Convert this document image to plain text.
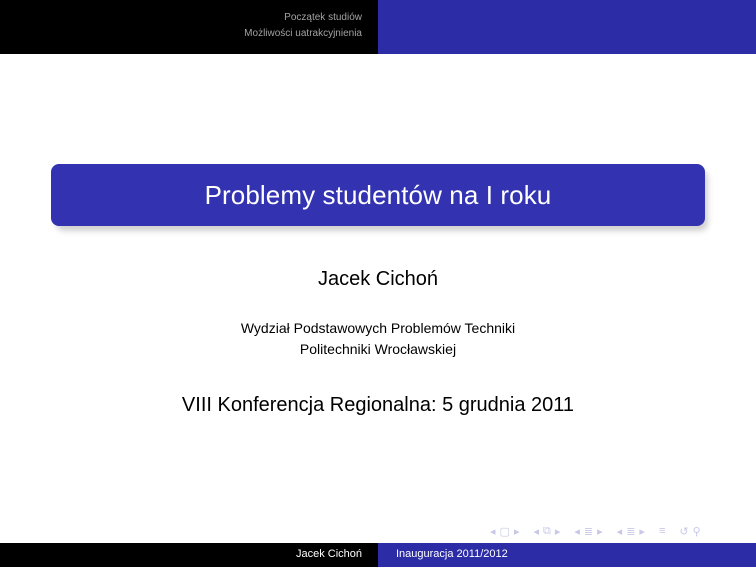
Początek studiów
Możliwości uatrakcyjnienia
Problemy studentów na I roku
Jacek Cichoń
Wydział Podstawowych Problemów Techniki
Politechniki Wrocławskiej
VIII Konferencja Regionalna: 5 grudnia 2011
◂ ▢ ▸ ◂ ⧉ ▸ ◂ ≣ ▸ ◂ ≣ ▸ ≡ ↺ ⚲
Jacek Cichoń	Inauguracja 2011/2012
